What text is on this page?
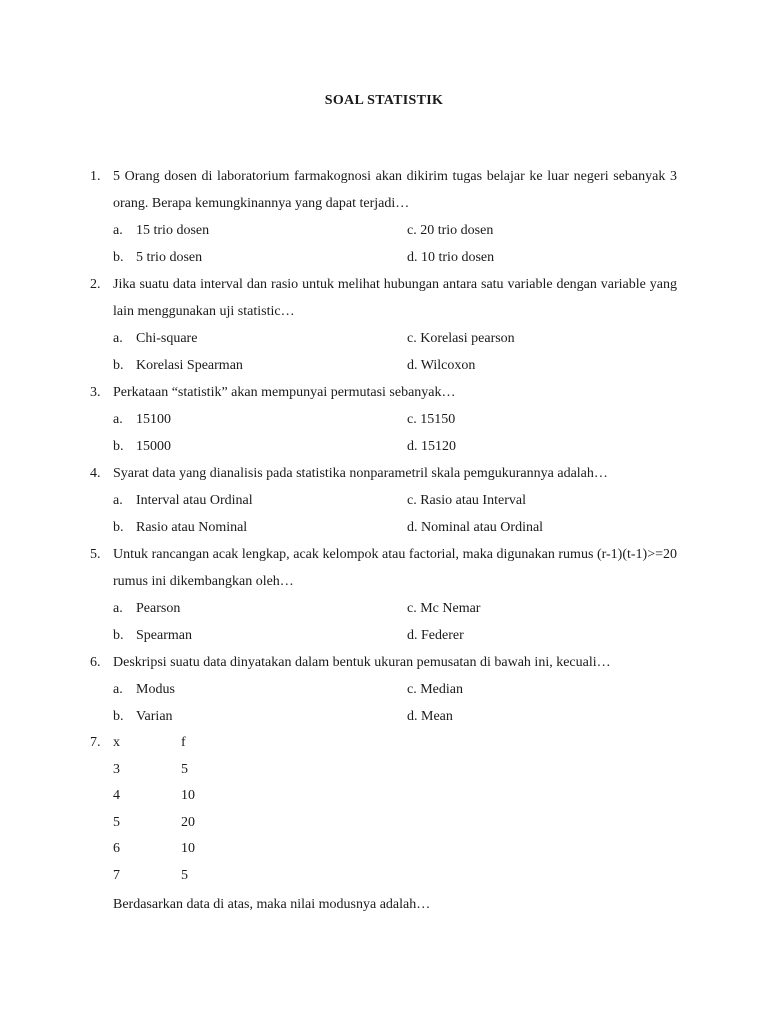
SOAL STATISTIK
1. 5 Orang dosen di laboratorium farmakognosi akan dikirim tugas belajar ke luar negeri sebanyak 3 orang. Berapa kemungkinannya yang dapat terjadi…
a. 15 trio dosen	c. 20 trio dosen
b. 5 trio dosen	d. 10 trio dosen
2. Jika suatu data interval dan rasio untuk melihat hubungan antara satu variable dengan variable yang lain menggunakan uji statistic…
a. Chi-square	c. Korelasi pearson
b. Korelasi Spearman	d. Wilcoxon
3. Perkataan “statistik” akan mempunyai permutasi sebanyak…
a. 15100	c. 15150
b. 15000	d. 15120
4. Syarat data yang dianalisis pada statistika nonparametril skala pemgukurannya adalah…
a. Interval atau Ordinal	c. Rasio atau Interval
b. Rasio atau Nominal	d. Nominal atau Ordinal
5. Untuk rancangan acak lengkap, acak kelompok atau factorial, maka digunakan rumus (r-1)(t-1)>=20 rumus ini dikembangkan oleh…
a. Pearson	c. Mc Nemar
b. Spearman	d. Federer
6. Deskripsi suatu data dinyatakan dalam bentuk ukuran pemusatan di bawah ini, kecuali…
a. Modus	c. Median
b. Varian	d. Mean
7. x	f
3	5
4	10
5	20
6	10
7	5
Berdasarkan data di atas, maka nilai modusnya adalah…
